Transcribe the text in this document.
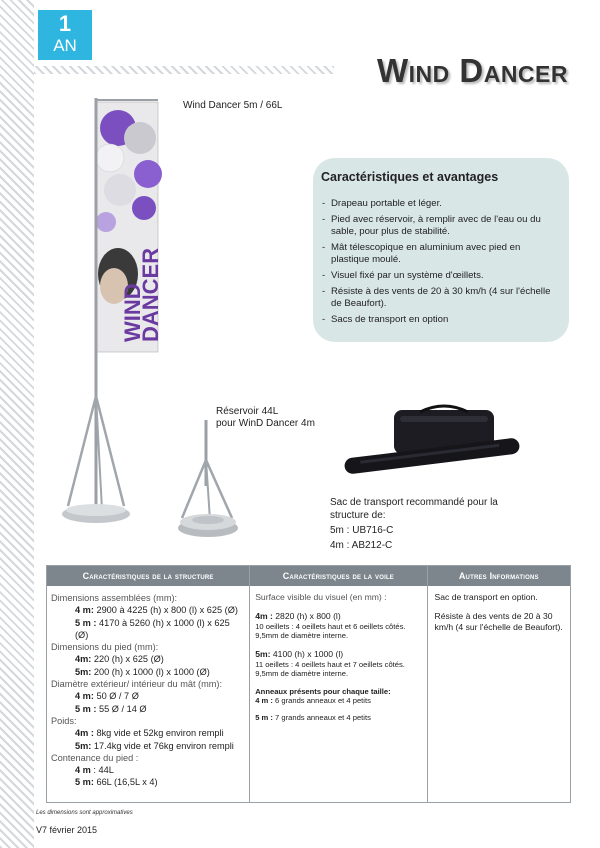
1
AN
Wind Dancer
WIND
DANCER
Wind Dancer 5m / 66L
Réservoir 44L
pour WinD Dancer 4m
Caractéristiques et avantages
- Drapeau portable et léger.
- Pied avec réservoir, à remplir avec de l'eau ou du sable, pour plus de stabilité.
- Mât télescopique en aluminium avec pied en plastique moulé.
- Visuel fixé par un système d'œillets.
- Résiste à des vents de 20 à 30 km/h (4 sur l'échelle de Beaufort).
- Sacs de transport en option

Sac de transport recommandé pour la structure de:

5m : UB716-C

4m : AB212-C

Caractéristiques de la structure	Caractéristiques de la voile	Autres Informations
Dimensions assemblées (mm):
4 m: 2900 à 4225 (h) x 800 (l) x 625 (Ø)
5 m : 4170 à 5260 (h) x 1000 (l) x 625 (Ø)
Dimensions du pied (mm):
4m: 220 (h) x 625 (Ø)
5m: 200 (h) x 1000 (l) x 1000 (Ø)
Diamètre extérieur/ intérieur du mât (mm):
4 m: 50 Ø / 7 Ø
5 m : 55 Ø / 14 Ø
Poids:
4m : 8kg vide et 52kg environ rempli
5m: 17.4kg vide et 76kg environ rempli
Contenance du pied :
4 m : 44L
5 m: 66L (16,5L x 4)
Surface visible du visuel (en mm) :
4m : 2820 (h) x 800 (l)
10 oeillets : 4 oeillets haut et 6 oeillets côtés. 9,5mm de diamètre interne.
5m: 4100 (h) x 1000 (l)
11 oeillets : 4 oeillets haut et 7 oeillets côtés. 9,5mm de diamètre interne.
Anneaux présents pour chaque taille:
4 m : 6 grands anneaux et 4 petits
5 m : 7 grands anneaux et 4 petits
Sac de transport en option.
Résiste à des vents de 20 à 30 km/h (4 sur l'échelle de Beaufort).
Les dimensions sont approximatives
V7 février 2015
